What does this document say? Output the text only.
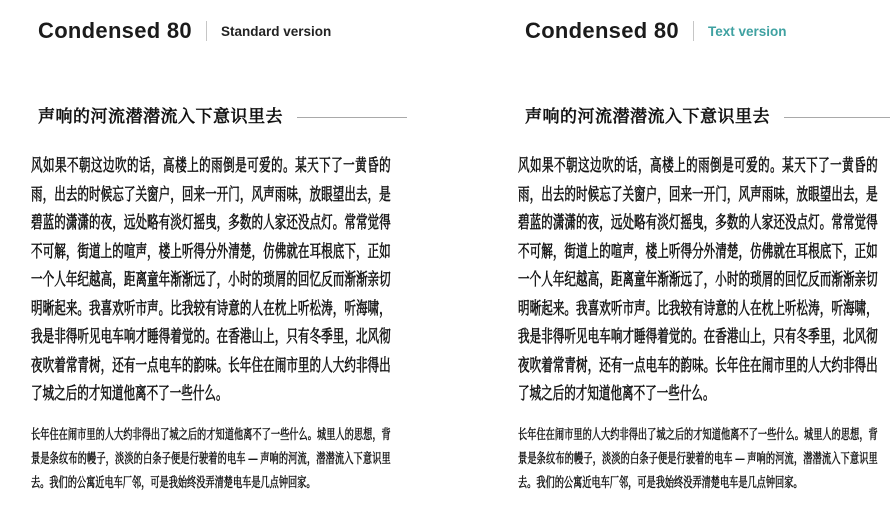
Condensed 80 Standard version
声响的河流潜潜流入下意识里去

风如果不朝这边吹的话，高楼上的雨倒是可爱的。某天下了一黄昏的雨，出去的时候忘了关窗户，回来一开门，风声雨味，放眼望出去，是碧蓝的潇潇的夜，远处略有淡灯摇曳，多数的人家还没点灯。常常觉得不可解，街道上的喧声，楼上听得分外清楚，仿佛就在耳根底下，正如一个人年纪越高，距离童年渐渐远了，小时的琐屑的回忆反而渐渐亲切明晰起来。我喜欢听市声。比我较有诗意的人在枕上听松涛，听海啸，我是非得听见电车响才睡得着觉的。在香港山上，只有冬季里，北风彻夜吹着常青树，还有一点电车的韵味。长年住在闹市里的人大约非得出了城之后的才知道他离不了一些什么。

长年住在闹市里的人大约非得出了城之后的才知道他离不了一些什么。城里人的思想，背景是条纹布的幔子，淡淡的白条子便是行驶着的电车 — 声响的河流，潜潜流入下意识里去。我们的公寓近电车厂邻，可是我始终没弄清楚电车是几点钟回家。

Condensed 80 Text version
声响的河流潜潜流入下意识里去

风如果不朝这边吹的话，高楼上的雨倒是可爱的。某天下了一黄昏的雨，出去的时候忘了关窗户，回来一开门，风声雨味，放眼望出去，是碧蓝的潇潇的夜，远处略有淡灯摇曳，多数的人家还没点灯。常常觉得不可解，街道上的喧声，楼上听得分外清楚，仿佛就在耳根底下，正如一个人年纪越高，距离童年渐渐远了，小时的琐屑的回忆反而渐渐亲切明晰起来。我喜欢听市声。比我较有诗意的人在枕上听松涛，听海啸，我是非得听见电车响才睡得着觉的。在香港山上，只有冬季里，北风彻夜吹着常青树，还有一点电车的韵味。长年住在闹市里的人大约非得出了城之后的才知道他离不了一些什么。

长年住在闹市里的人大约非得出了城之后的才知道他离不了一些什么。城里人的思想，背景是条纹布的幔子，淡淡的白条子便是行驶着的电车 — 声响的河流，潜潜流入下意识里去。我们的公寓近电车厂邻，可是我始终没弄清楚电车是几点钟回家。
